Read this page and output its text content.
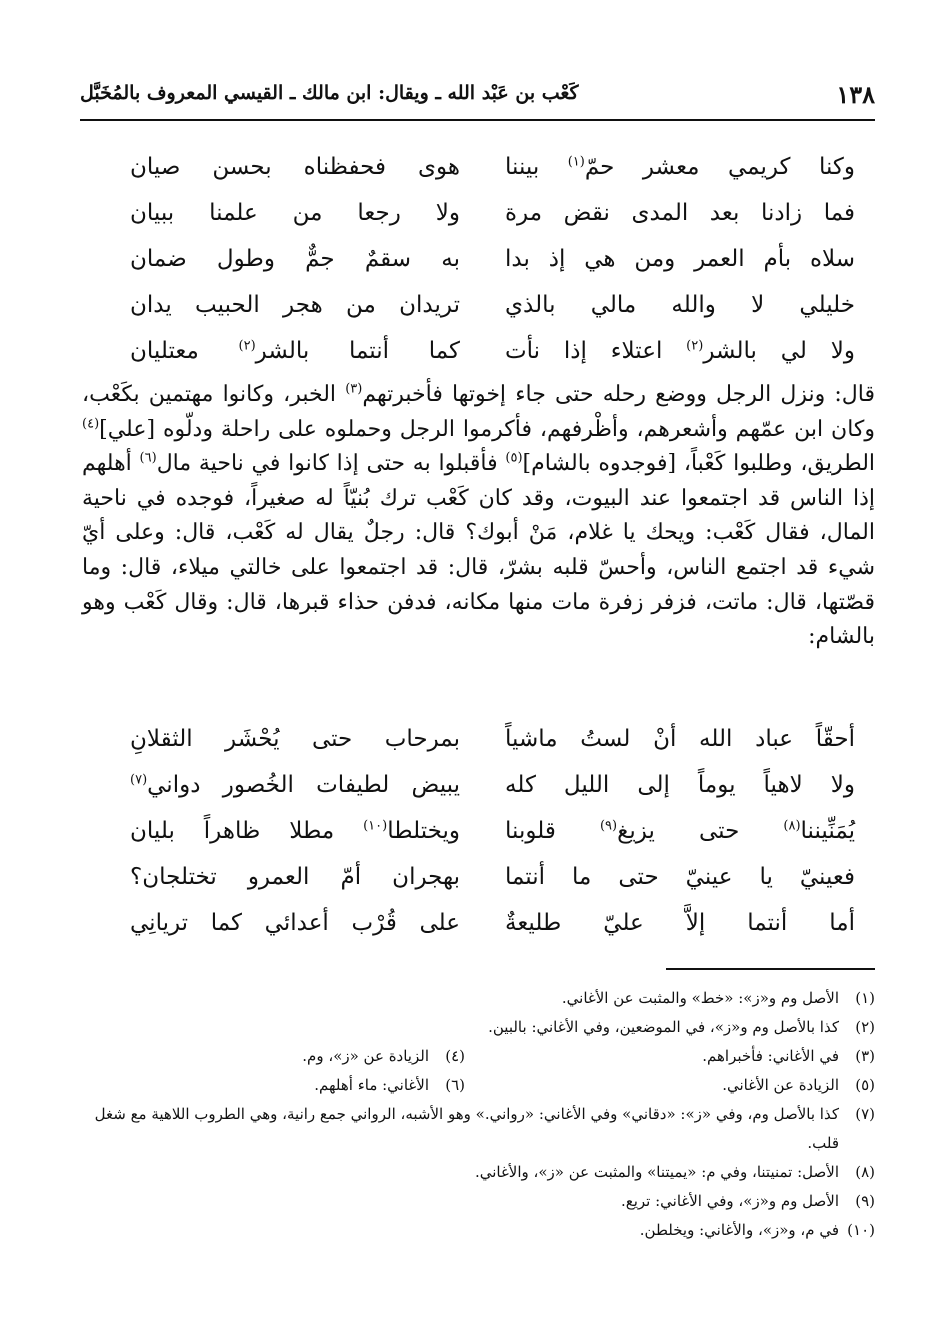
١٣٨
كَعْب بن عَبْد الله ـ ويقال: ابن مالك ـ القيسي المعروف بالمُخَبَّل
وكنا كريمي معشر حمّ$^{(١)}$ بيننا
هوى فحفظناه بحسن صيان
فما زادنا بعد المدى نقض مرة
ولا رجعا من علمنا ببيان
سلاه بأم العمر ومن هي إذ بدا
به سقمٌ جمٌّ وطول ضمان
خليلي لا والله مالي بالذي
تريدان من هجر الحبيب يدان
ولا لي بالشر$^{(٢)}$ اعتلاء إذا نأت
كما أنتما بالشر$^{(٢)}$ معتليان

قال: ونزل الرجل ووضع رحله حتى جاء إخوتها فأخبرتهم$^{(٣)}$ الخبر، وكانوا مهتمين بكَعْب، وكان ابن عمّهم وأشعرهم، وأظْرفهم، فأكرموا الرجل وحملوه على راحلة ودلّوه [علي]$^{(٤)}$ الطريق، وطلبوا كَعْباً، [فوجدوه بالشام]$^{(٥)}$ فأقبلوا به حتى إذا كانوا في ناحية مال$^{(٦)}$ أهلهم إذا الناس قد اجتمعوا عند البيوت، وقد كان كَعْب ترك بُنيّاً له صغيراً، فوجده في ناحية المال، فقال كَعْب: ويحك يا غلام، مَنْ أبوك؟ قال: رجلٌ يقال له كَعْب، قال: وعلى أيّ شيء قد اجتمع الناس، وأحسّ قلبه بشرّ، قال: قد اجتمعوا على خالتي ميلاء، قال: وما قصّتها، قال: ماتت، فزفر زفرة مات منها مكانه، فدفن حذاء قبرها، قال: وقال كَعْب وهو بالشام:

أحقّاً عباد الله أنْ لستُ ماشياً
بمرحاب حتى يُحْشَر الثقلانِ
ولا لاهياً يوماً إلى الليل كله
يبيض لطيفات الخُصور دواني$^{(٧)}$
يُمَنِّيننا$^{(٨)}$ حتى يزيغ$^{(٩)}$ قلوبنا
ويختلطا$^{(١٠)}$ مطلا ظاهراً بليان
فعينيّ يا عينيّ حتى ما أنتما
بهجران أمّ العمرو تختلجان؟
أما أنتما إلاَّ عليّ طليعةٌ
على قُرْب أعدائي كما تريانِي
(١)
الأصل وم و«ز»: «خط» والمثبت عن الأغاني.
(٢)
كذا بالأصل وم و«ز»، في الموضعين، وفي الأغاني: بالبين.
(٣)
في الأغاني: فأخبراهم.
(٤)
الزيادة عن «ز»، وم.
(٥)
الزيادة عن الأغاني.
(٦)
الأغاني: ماء أهلهم.
(٧)
كذا بالأصل وم، وفي «ز»: «دقاني» وفي الأغاني: «رواني.» وهو الأشبه، الرواني جمع رانية، وهي الطروب اللاهية مع شغل قلب.
(٨)
الأصل: تمنيتنا، وفي م: «يميتنا» والمثبت عن «ز»، والأغاني.
(٩)
الأصل وم و«ز»، وفي الأغاني: تريع.
(١٠)
في م، و«ز»، والأغاني: ويخلطن.
